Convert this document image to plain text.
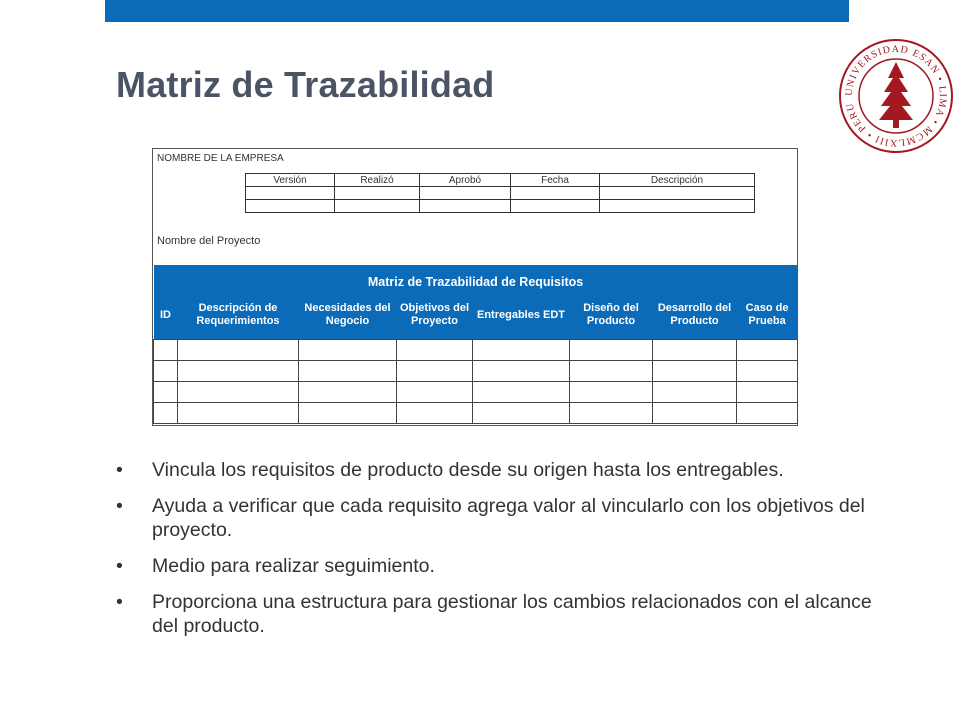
Matriz de Trazabilidad	UNIVERSIDAD ESAN • LIMA • MCMLXIII • PERU
NOMBRE DE LA EMPRESA
Versión	Realizó	Aprobó	Fecha	Descripción

Nombre del Proyecto
Matriz de Trazabilidad de Requisitos							
ID	Descripción de Requerimientos	Necesidades del Negocio	Objetivos del Proyecto	Entregables EDT	Diseño del Producto	Desarrollo del Producto	Caso de Prueba

•	Vincula los requisitos de producto desde su origen hasta los entregables.
•	Ayuda a verificar que cada requisito agrega valor al vincularlo con los objetivos del proyecto.
•	Medio para realizar seguimiento.
•	Proporciona una estructura para gestionar los cambios relacionados con el alcance del producto.
